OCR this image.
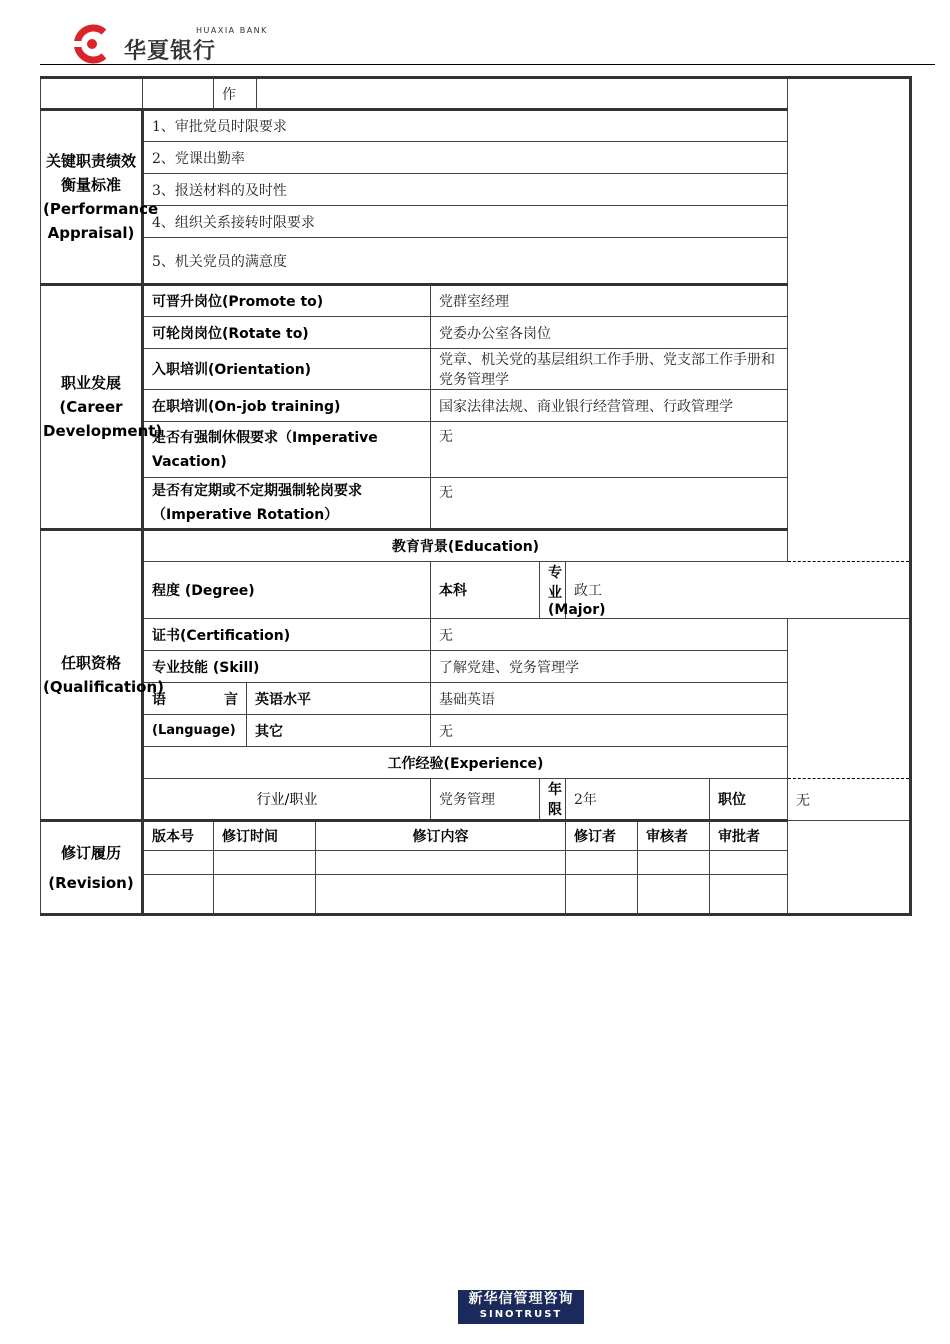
HUAXIA BANK
华夏银行
		作									
关键职责绩效衡量标准(Performance Appraisal)	1、审批党员时限要求										
	2、党课出勤率										
	3、报送材料的及时性										
	4、组织关系接转时限要求										
	5、机关党员的满意度										
职业发展(Career Development)	可晋升岗位(Promote to)					党群室经理					
	可轮岗岗位(Rotate to)					党委办公室各岗位					
	入职培训(Orientation)					党章、机关党的基层组织工作手册、党支部工作手册和党务管理学					
	在职培训(On-job training)					国家法律法规、商业银行经营管理、行政管理学					
	是否有强制休假要求（Imperative Vacation)					无					
	是否有定期或不定期强制轮岗要求（Imperative Rotation）					无					
任职资格(Qualification)	教育背景(Education)										
	程度 (Degree)					本科	专业(Major)	政工			
	证书(Certification)					无					
	专业技能 (Skill)					了解党建、党务管理学					
	语 言		英语水平			基础英语					
	(Language)		其它			无					
	工作经验(Experience)										
	行业/职业					党务管理	年限	2年		职位	无
修订履历(Revision)	版本号	修订时间			修订内容			修订者	审核者	审批者	

新华信管理咨询
SINOTRUST
